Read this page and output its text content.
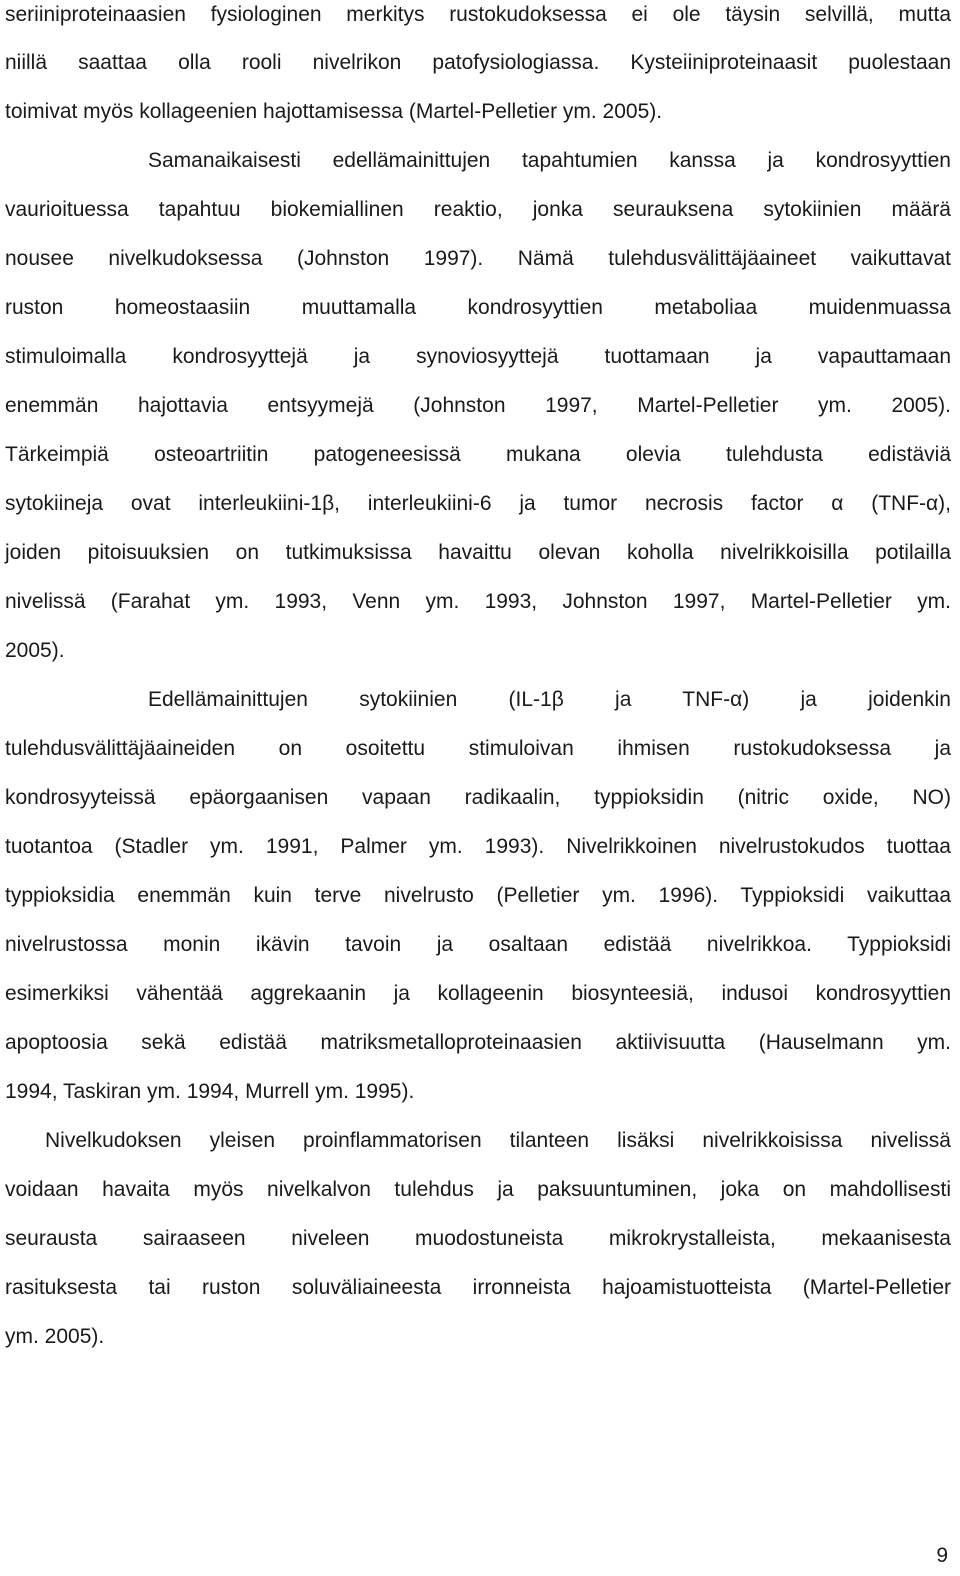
seriiniproteinaasien fysiologinen merkitys rustokudoksessa ei ole täysin selvillä, mutta
niillä saattaa olla rooli nivelrikon patofysiologiassa. Kysteiiniproteinaasit puolestaan
toimivat myös kollageenien hajottamisessa (Martel-Pelletier ym. 2005).
Samanaikaisesti edellämainittujen tapahtumien kanssa ja kondrosyyttien
vaurioituessa tapahtuu biokemiallinen reaktio, jonka seurauksena sytokiinien määrä
nousee nivelkudoksessa (Johnston 1997). Nämä tulehdusvälittäjäaineet vaikuttavat
ruston homeostaasiin muuttamalla kondrosyyttien metaboliaa muidenmuassa
stimuloimalla kondrosyyttejä ja synoviosyyttejä tuottamaan ja vapauttamaan
enemmän hajottavia entsyymejä (Johnston 1997, Martel-Pelletier ym. 2005).
Tärkeimpiä osteoartriitin patogeneesissä mukana olevia tulehdusta edistäviä
sytokiineja ovat interleukiini-1β, interleukiini-6 ja tumor necrosis factor α (TNF-α),
joiden pitoisuuksien on tutkimuksissa havaittu olevan koholla nivelrikkoisilla potilailla
nivelissä (Farahat ym. 1993, Venn ym. 1993, Johnston 1997, Martel-Pelletier ym.
2005).
Edellämainittujen sytokiinien (IL-1β ja TNF-α) ja joidenkin
tulehdusvälittäjäaineiden on osoitettu stimuloivan ihmisen rustokudoksessa ja
kondrosyyteissä epäorgaanisen vapaan radikaalin, typpioksidin (nitric oxide, NO)
tuotantoa (Stadler ym. 1991, Palmer ym. 1993). Nivelrikkoinen nivelrustokudos tuottaa
typpioksidia enemmän kuin terve nivelrusto (Pelletier ym. 1996). Typpioksidi vaikuttaa
nivelrustossa monin ikävin tavoin ja osaltaan edistää nivelrikkoa. Typpioksidi
esimerkiksi vähentää aggrekaanin ja kollageenin biosynteesiä, indusoi kondrosyyttien
apoptoosia sekä edistää matriksmetalloproteinaasien aktiivisuutta (Hauselmann ym.
1994, Taskiran ym. 1994, Murrell ym. 1995).
Nivelkudoksen yleisen proinflammatorisen tilanteen lisäksi nivelrikkoisissa nivelissä
voidaan havaita myös nivelkalvon tulehdus ja paksuuntuminen, joka on mahdollisesti
seurausta sairaaseen niveleen muodostuneista mikrokrystalleista, mekaanisesta
rasituksesta tai ruston soluväliaineesta irronneista hajoamistuotteista (Martel-Pelletier
ym. 2005).
9
